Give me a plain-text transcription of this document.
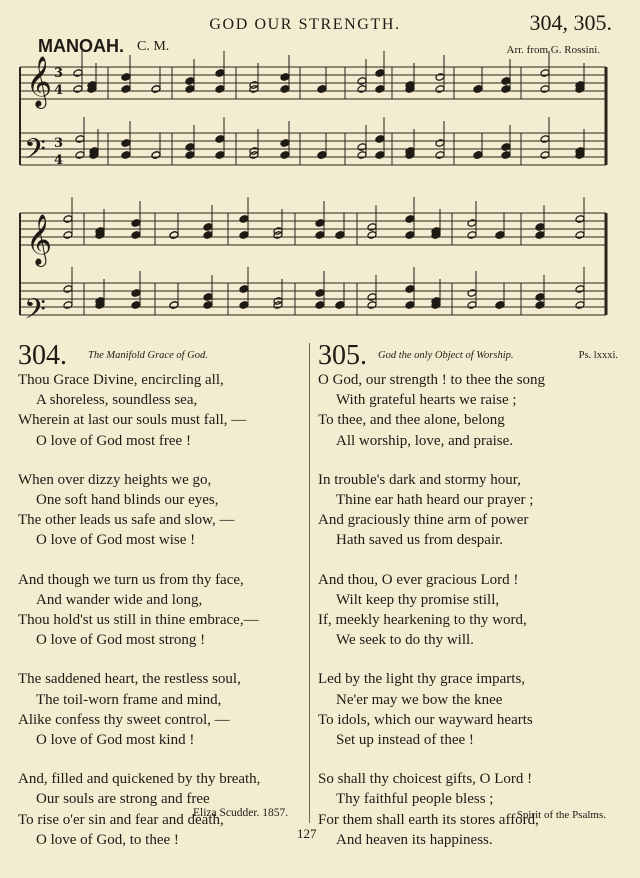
GOD OUR STRENGTH.	304, 305.
MANOAH. C. M.	Arr. from G. Rossini.
𝄞
𝄢
𝄞
𝄢
3
4
3
4
304. The Manifold Grace of God.
Thou Grace Divine, encircling all,
A shoreless, soundless sea,
Wherein at last our souls must fall, —
O love of God most free !
When over dizzy heights we go,
One soft hand blinds our eyes,
The other leads us safe and slow, —
O love of God most wise !
And though we turn us from thy face,
And wander wide and long,
Thou hold'st us still in thine embrace,—
O love of God most strong !
The saddened heart, the restless soul,
The toil-worn frame and mind,
Alike confess thy sweet control, —
O love of God most kind !
And, filled and quickened by thy breath,
Our souls are strong and free
To rise o'er sin and fear and death,
O love of God, to thee !
305. God the only Object of Worship.	Ps. lxxxi.
O God, our strength ! to thee the song
With grateful hearts we raise ;
To thee, and thee alone, belong
All worship, love, and praise.
In trouble's dark and stormy hour,
Thine ear hath heard our prayer ;
And graciously thine arm of power
Hath saved us from despair.
And thou, O ever gracious Lord !
Wilt keep thy promise still,
If, meekly hearkening to thy word,
We seek to do thy will.
Led by the light thy grace imparts,
Ne'er may we bow the knee
To idols, which our wayward hearts
Set up instead of thee !
So shall thy choicest gifts, O Lord !
Thy faithful people bless ;
For them shall earth its stores afford,
And heaven its happiness.
Eliza Scudder. 1857.	Spirit of the Psalms.
127
